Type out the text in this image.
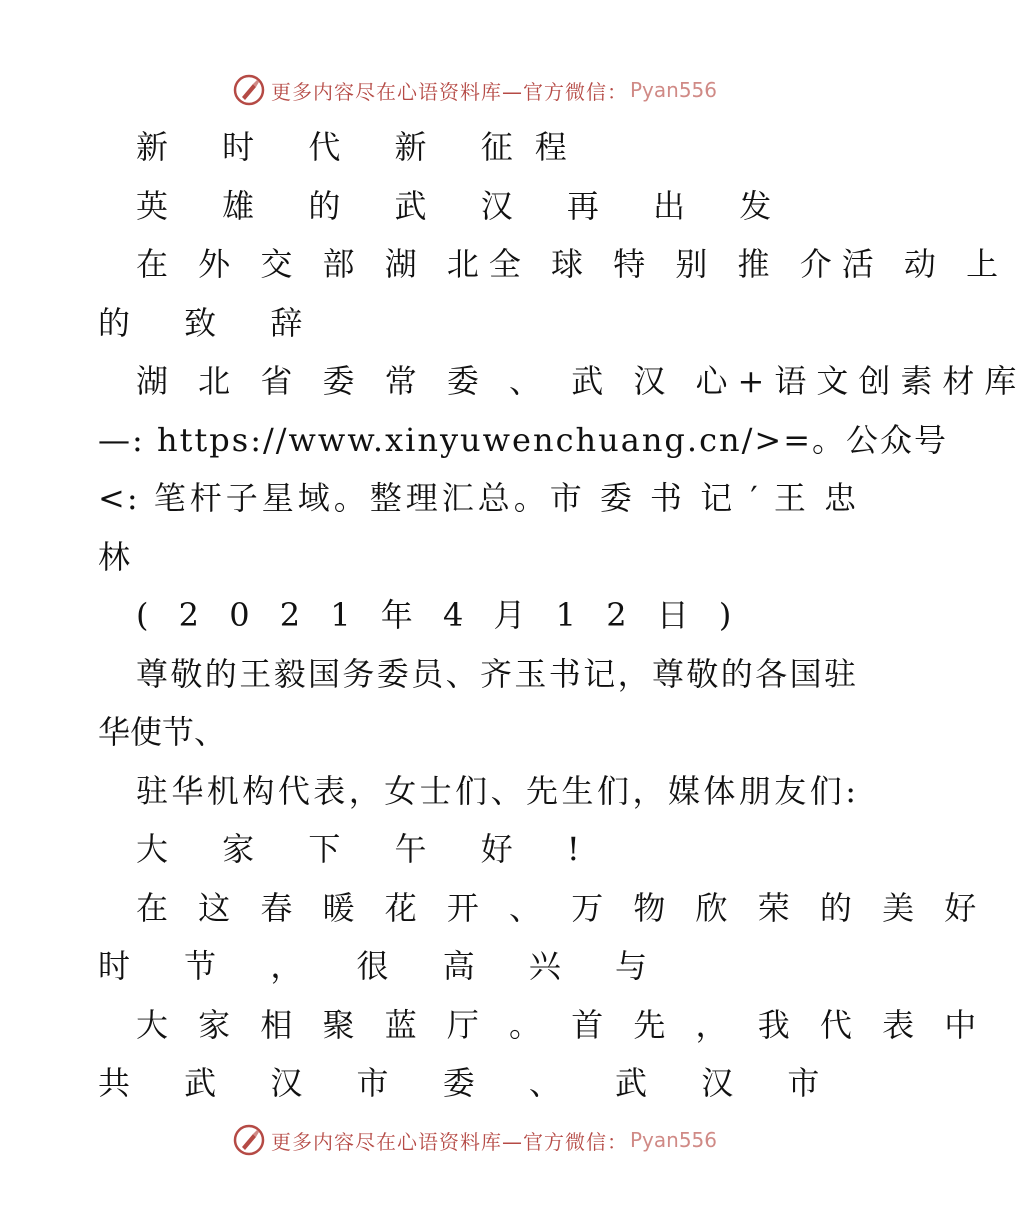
更多内容尽在心语资料库—官方微信： Pyan556
新 时 代 新 征程
英 雄 的 武 汉 再 出 发
在 外 交 部 湖 北全 球 特 别 推 介活 动 上
的 致 辞
湖 北 省 委 常 委 、 武 汉 心+语文创素材库
—: https://www.xinyuwenchuang.cn/>=。公众号
<: 笔杆子星域。整理汇总。市 委 书 记 ′ 王 忠
林
( 2 0 2 1 年 4 月 1 2 日 )
尊敬的王毅国务委员、齐玉书记，尊敬的各国驻
华使节、
驻华机构代表，女士们、先生们，媒体朋友们:
大 家 下 午 好 !
在 这 春 暖 花 开 、 万 物 欣 荣 的 美 好
时 节 ， 很 高 兴 与
大 家 相 聚 蓝 厅 。 首 先 ， 我 代 表 中
共 武 汉 市 委 、 武 汉 市
更多内容尽在心语资料库—官方微信： Pyan556
